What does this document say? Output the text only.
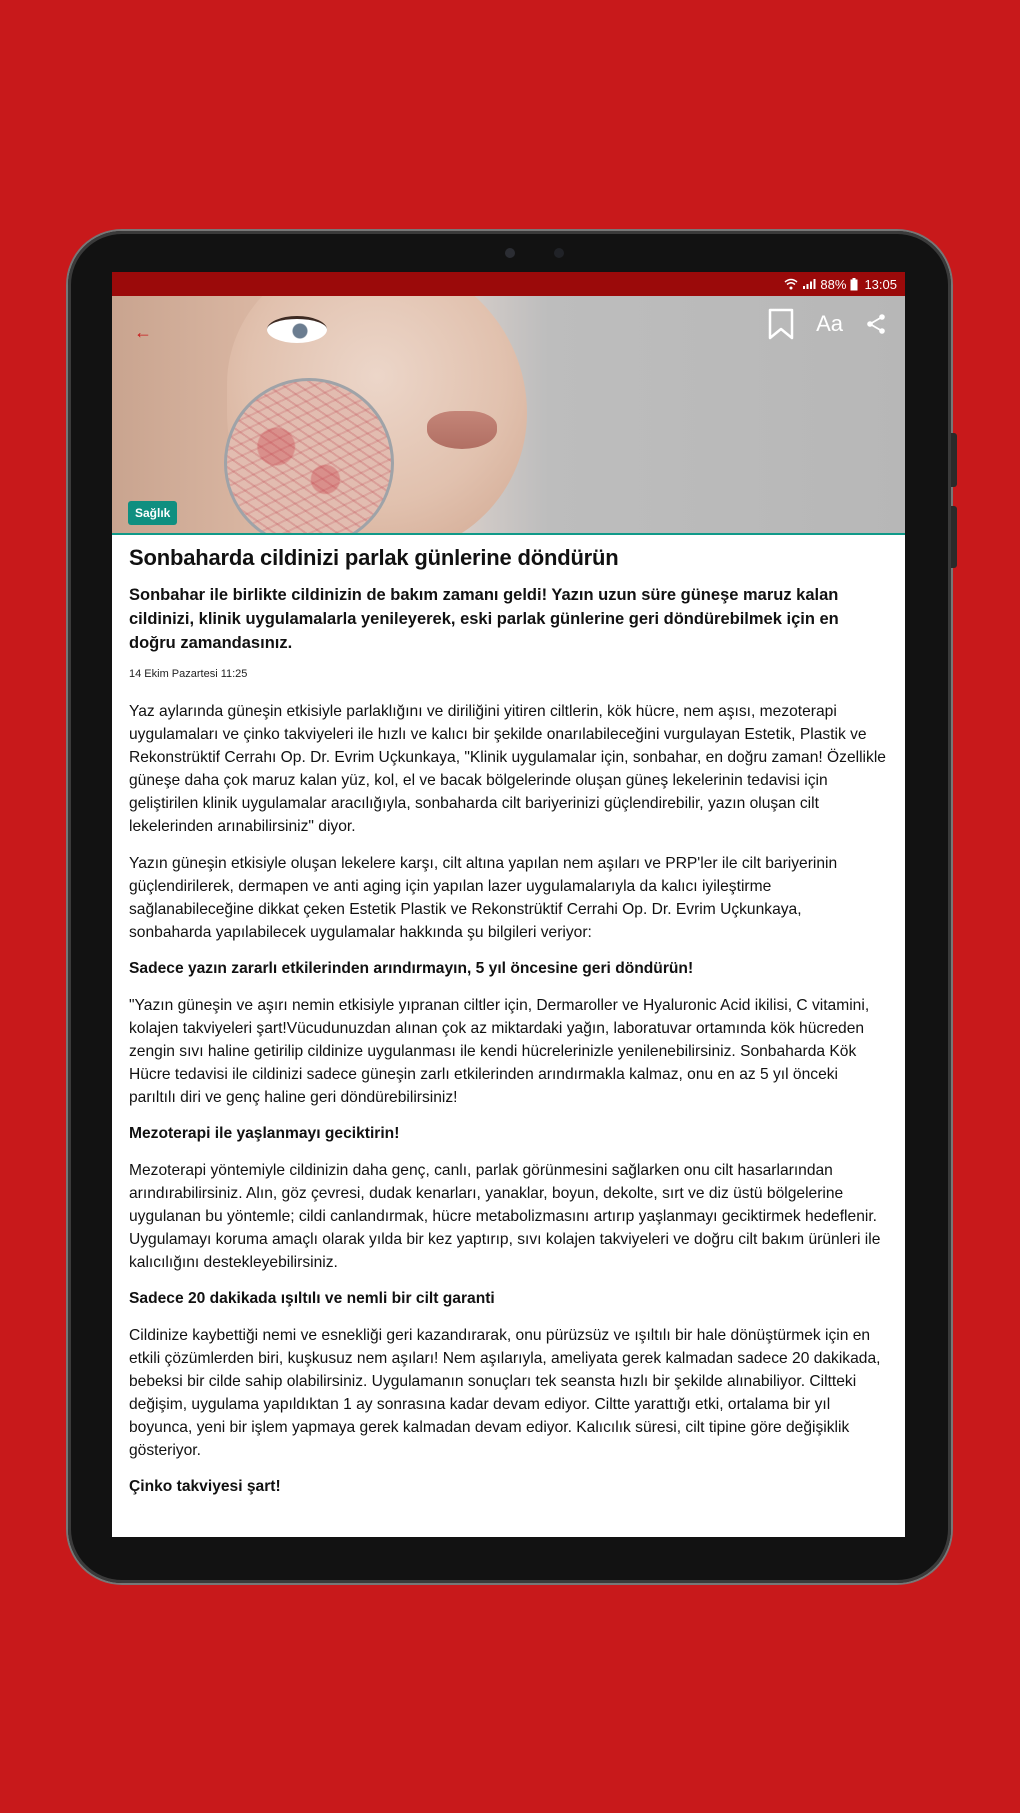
88% 13:05
←	Aa
Sağlık
Sonbaharda cildinizi parlak günlerine döndürün

Sonbahar ile birlikte cildinizin de bakım zamanı geldi! Yazın uzun süre güneşe maruz kalan cildinizi, klinik uygulamalarla yenileyerek, eski parlak günlerine geri döndürebilmek için en doğru zamandasınız.

14 Ekim Pazartesi 11:25

Yaz aylarında güneşin etkisiyle parlaklığını ve diriliğini yitiren ciltlerin, kök hücre, nem aşısı, mezoterapi uygulamaları ve çinko takviyeleri ile hızlı ve kalıcı bir şekilde onarılabileceğini vurgulayan Estetik, Plastik ve Rekonstrüktif Cerrahı Op. Dr. Evrim Uçkunkaya, "Klinik uygulamalar için, sonbahar, en doğru zaman! Özellikle güneşe daha çok maruz kalan yüz, kol, el ve bacak bölgelerinde oluşan güneş lekelerinin tedavisi için geliştirilen klinik uygulamalar aracılığıyla, sonbaharda cilt bariyerinizi güçlendirebilir, yazın oluşan cilt lekelerinden arınabilirsiniz" diyor.

Yazın güneşin etkisiyle oluşan lekelere karşı, cilt altına yapılan nem aşıları ve PRP'ler ile cilt bariyerinin güçlendirilerek, dermapen ve anti aging için yapılan lazer uygulamalarıyla da kalıcı iyileştirme sağlanabileceğine dikkat çeken Estetik Plastik ve Rekonstrüktif Cerrahi Op. Dr. Evrim Uçkunkaya, sonbaharda yapılabilecek uygulamalar hakkında şu bilgileri veriyor:

Sadece yazın zararlı etkilerinden arındırmayın, 5 yıl öncesine geri döndürün!

"Yazın güneşin ve aşırı nemin etkisiyle yıpranan ciltler için, Dermaroller ve Hyaluronic Acid ikilisi, C vitamini, kolajen takviyeleri şart!Vücudunuzdan alınan çok az miktardaki yağın, laboratuvar ortamında kök hücreden zengin sıvı haline getirilip cildinize uygulanması ile kendi hücrelerinizle yenilenebilirsiniz. Sonbaharda Kök Hücre tedavisi ile cildinizi sadece güneşin zarlı etkilerinden arındırmakla kalmaz, onu en az 5 yıl önceki parıltılı diri ve genç haline geri döndürebilirsiniz!

Mezoterapi ile yaşlanmayı geciktirin!

Mezoterapi yöntemiyle cildinizin daha genç, canlı, parlak görünmesini sağlarken onu cilt hasarlarından arındırabilirsiniz. Alın, göz çevresi, dudak kenarları, yanaklar, boyun, dekolte, sırt ve diz üstü bölgelerine uygulanan bu yöntemle; cildi canlandırmak, hücre metabolizmasını artırıp yaşlanmayı geciktirmek hedeflenir. Uygulamayı koruma amaçlı olarak yılda bir kez yaptırıp, sıvı kolajen takviyeleri ve doğru cilt bakım ürünleri ile kalıcılığını destekleyebilirsiniz.

Sadece 20 dakikada ışıltılı ve nemli bir cilt garanti

Cildinize kaybettiği nemi ve esnekliği geri kazandırarak, onu pürüzsüz ve ışıltılı bir hale dönüştürmek için en etkili çözümlerden biri, kuşkusuz nem aşıları! Nem aşılarıyla, ameliyata gerek kalmadan sadece 20 dakikada, bebeksi bir cilde sahip olabilirsiniz. Uygulamanın sonuçları tek seansta hızlı bir şekilde alınabiliyor. Ciltteki değişim, uygulama yapıldıktan 1 ay sonrasına kadar devam ediyor. Ciltte yarattığı etki, ortalama bir yıl boyunca, yeni bir işlem yapmaya gerek kalmadan devam ediyor. Kalıcılık süresi, cilt tipine göre değişiklik gösteriyor.

Çinko takviyesi şart!
